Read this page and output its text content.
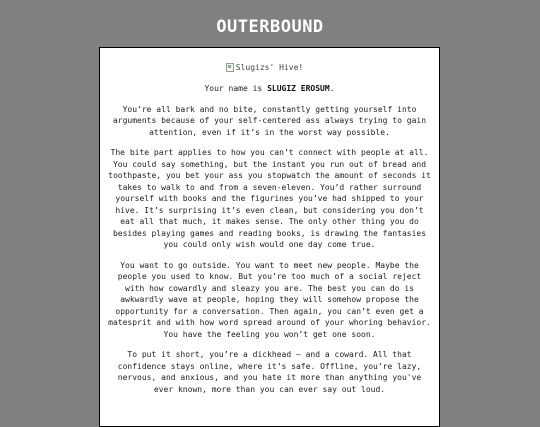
OUTERBOUND
Slugizs' Hive!

Your name is SLUGIZ EROSUM.

You’re all bark and no bite, constantly getting yourself into arguments because of your self-centered ass always trying to gain attention, even if it’s in the worst way possible.

The bite part applies to how you can’t connect with people at all. You could say something, but the instant you run out of bread and toothpaste, you bet your ass you stopwatch the amount of seconds it takes to walk to and from a seven-eleven. You’d rather surround yourself with books and the figurines you’ve had shipped to your hive. It’s surprising it’s even clean, but considering you don’t eat all that much, it makes sense. The only other thing you do besides playing games and reading books, is drawing the fantasies you could only wish would one day come true.

You want to go outside. You want to meet new people. Maybe the people you used to know. But you’re too much of a social reject with how cowardly and sleazy you are. The best you can do is awkwardly wave at people, hoping they will somehow propose the opportunity for a conversation. Then again, you can’t even get a matesprit and with how word spread around of your whoring behavior. You have the feeling you won’t get one soon.

To put it short, you’re a dickhead — and a coward. All that confidence stays online, where it’s safe. Offline, you’re lazy, nervous, and anxious, and you hate it more than anything you've ever known, more than you can ever say out loud.
